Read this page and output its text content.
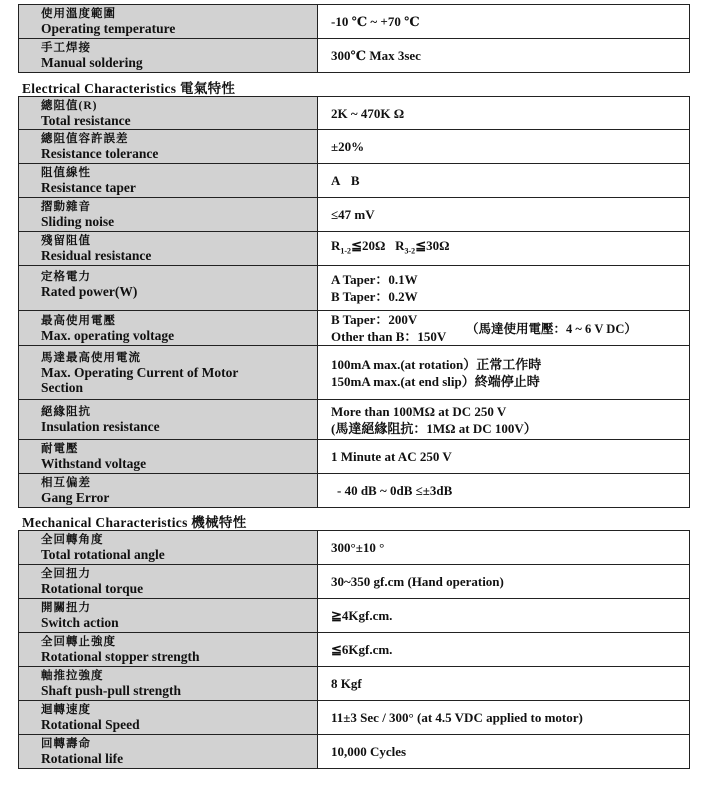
使用溫度範圍
Operating temperature	-10 ℃ ~ +70 ℃

手工焊接
Manual soldering	300℃ Max 3sec
Electrical Characteristics 電氣特性
總阻值(R)
Total resistance	2K ~ 470K Ω

總阻值容許誤差
Resistance tolerance	±20%

阻值線性
Resistance taper	A B

摺動雜音
Sliding noise	≤47 mV

殘留阻值
Residual resistance	$R_{1-2}≦20\Omega$ $R_{3-2}≦30\Omega$

定格電力
Rated power(W)	A Taper：0.1W
B Taper：0.2W

最高使用電壓
Max. operating voltage	B Taper：200V
Other than B：150V （馬達使用電壓：4 ~ 6 V DC）

馬達最高使用電流
Max. Operating Current of Motor
Section	100mA max.(at rotation）正常工作時
150mA max.(at end slip）終端停止時

絕緣阻抗
Insulation resistance	More than 100MΩ at DC 250 V
(馬達絕緣阻抗：1MΩ at DC 100V）

耐電壓
Withstand voltage	1 Minute at AC 250 V

相互偏差
Gang Error	- 40 dB ~ 0dB ≤±3dB
Mechanical Characteristics 機械特性
全回轉角度
Total rotational angle	300°±10 °

全回扭力
Rotational torque	30~350 gf.cm (Hand operation)

開關扭力
Switch action	≧4Kgf.cm.

全回轉止強度
Rotational stopper strength	≦6Kgf.cm.

軸推拉強度
Shaft push-pull strength	8 Kgf

迴轉速度
Rotational Speed	11±3 Sec / 300° (at 4.5 VDC applied to motor)

回轉壽命
Rotational life	10,000 Cycles
